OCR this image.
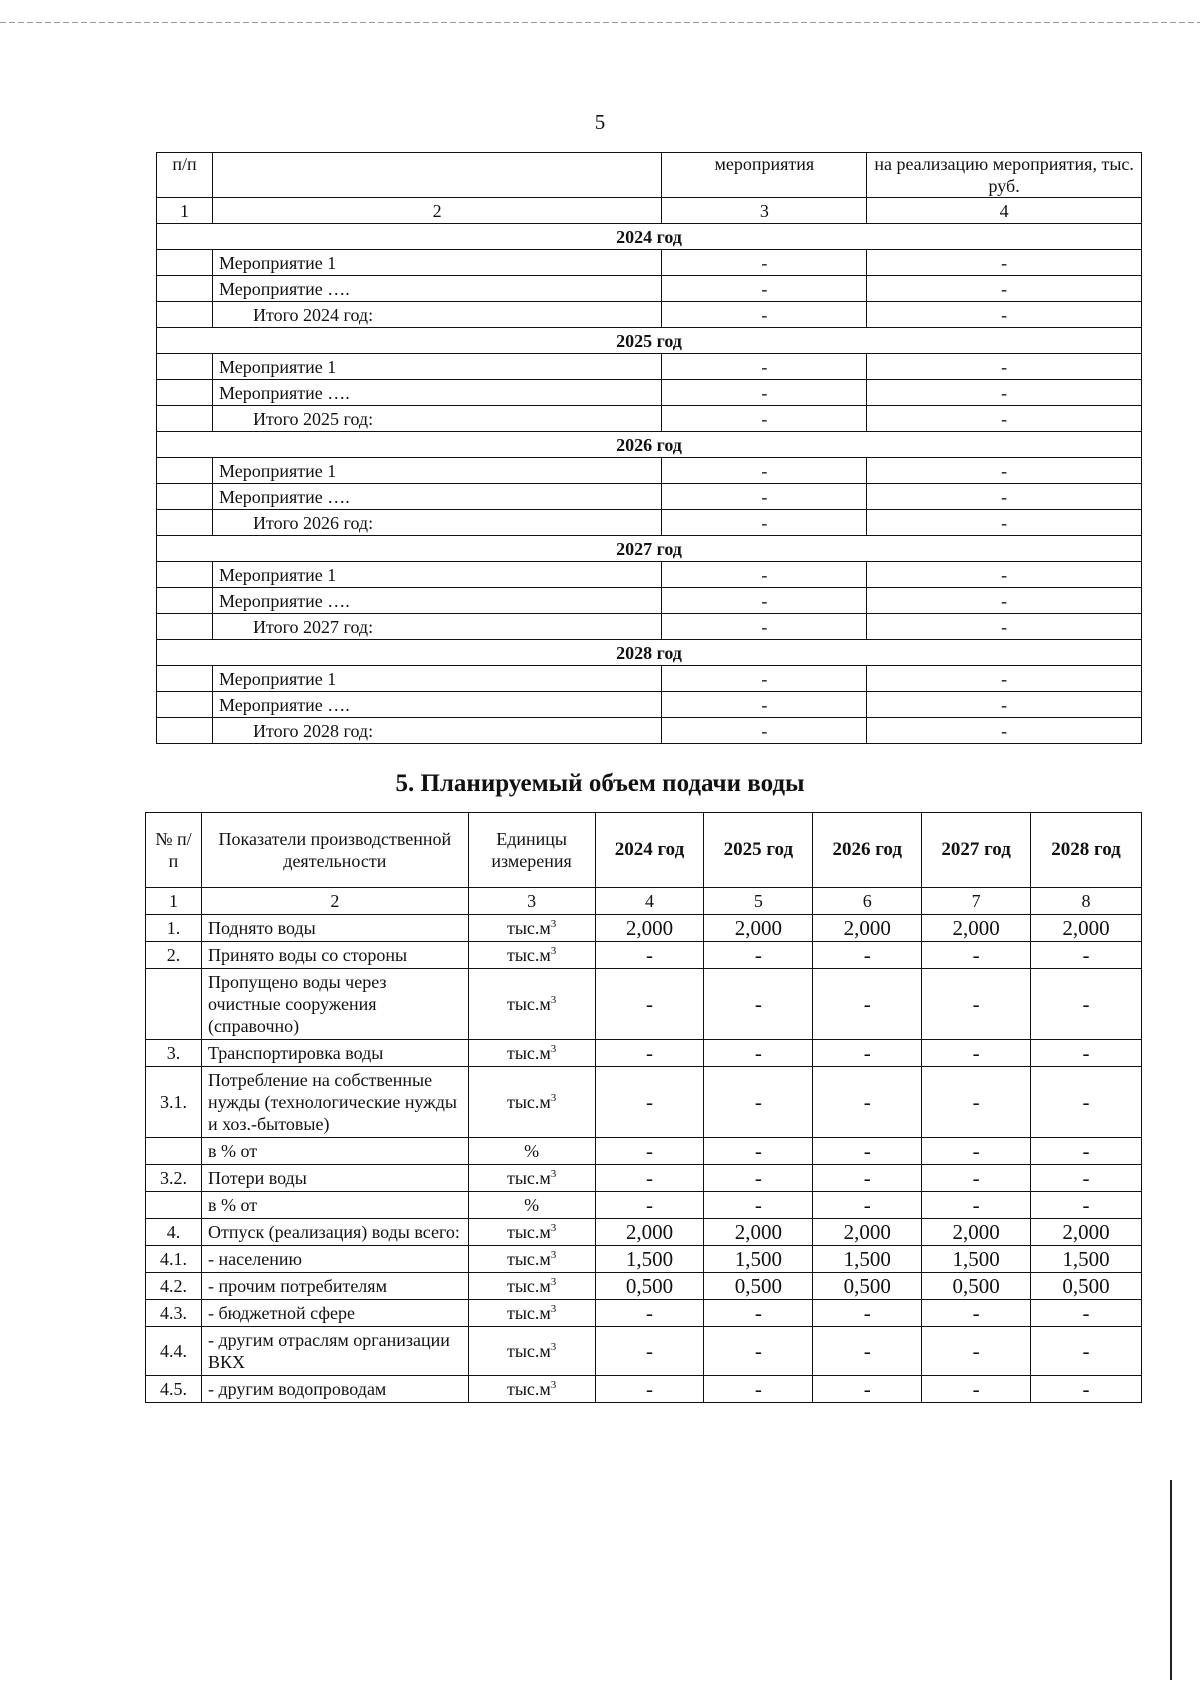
5
п/п		мероприятия	на реализацию мероприятия, тыс. руб.
1	2	3	4
2024 год			
	Мероприятие 1	-	-
	Мероприятие ….	-	-
	Итого 2024 год:	-	-
2025 год			
	Мероприятие 1	-	-
	Мероприятие ….	-	-
	Итого 2025 год:	-	-
2026 год			
	Мероприятие 1	-	-
	Мероприятие ….	-	-
	Итого 2026 год:	-	-
2027 год			
	Мероприятие 1	-	-
	Мероприятие ….	-	-
	Итого 2027 год:	-	-
2028 год			
	Мероприятие 1	-	-
	Мероприятие ….	-	-
	Итого 2028 год:	-	-
5. Планируемый объем подачи воды
№ п/п	Показатели производственной деятельности	Единицы измерения	2024 год	2025 год	2026 год	2027 год	2028 год
1	2	3	4	5	6	7	8
1.	Поднято воды	$тыс.м^3$	2,000	2,000	2,000	2,000	2,000
2.	Принято воды со стороны	$тыс.м^3$	-	-	-	-	-
	Пропущено воды через очистные сооружения (справочно)	$тыс.м^3$	-	-	-	-	-
3.	Транспортировка воды	$тыс.м^3$	-	-	-	-	-
3.1.	Потребление на собственные нужды (технологические нужды и хоз.-бытовые)	$тыс.м^3$	-	-	-	-	-
	в % от	%	-	-	-	-	-
3.2.	Потери воды	$тыс.м^3$	-	-	-	-	-
	в % от	%	-	-	-	-	-
4.	Отпуск (реализация) воды всего:	$тыс.м^3$	2,000	2,000	2,000	2,000	2,000
4.1.	- населению	$тыс.м^3$	1,500	1,500	1,500	1,500	1,500
4.2.	- прочим потребителям	$тыс.м^3$	0,500	0,500	0,500	0,500	0,500
4.3.	- бюджетной сфере	$тыс.м^3$	-	-	-	-	-
4.4.	- другим отраслям организации ВКХ	$тыс.м^3$	-	-	-	-	-
4.5.	- другим водопроводам	$тыс.м^3$	-	-	-	-	-
